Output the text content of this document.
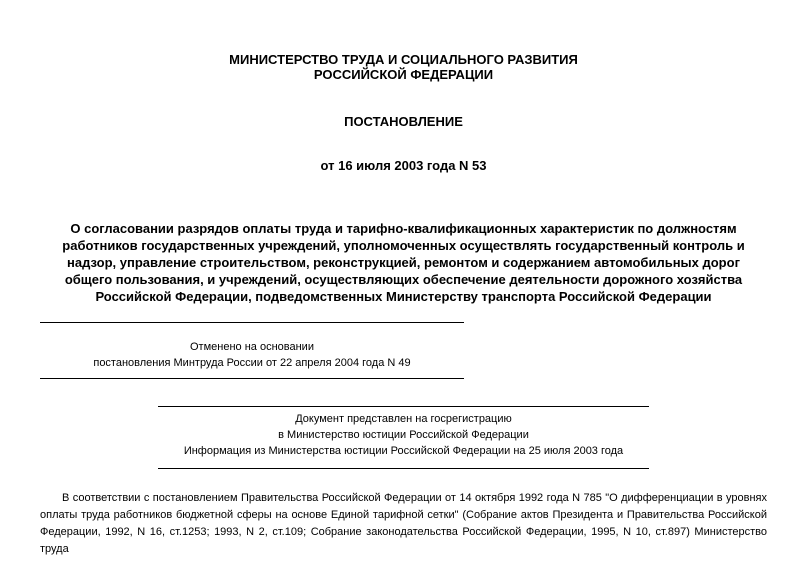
МИНИСТЕРСТВО ТРУДА И СОЦИАЛЬНОГО РАЗВИТИЯ
РОССИЙСКОЙ ФЕДЕРАЦИИ
ПОСТАНОВЛЕНИЕ
от 16 июля 2003 года N 53
О согласовании разрядов оплаты труда и тарифно-квалификационных характеристик по должностям работников государственных учреждений, уполномоченных осуществлять государственный контроль и надзор, управление строительством, реконструкцией, ремонтом и содержанием автомобильных дорог общего пользования, и учреждений, осуществляющих обеспечение деятельности дорожного хозяйства Российской Федерации, подведомственных Министерству транспорта Российской Федерации
Отменено на основании
постановления Минтруда России от 22 апреля 2004 года N 49
Документ представлен на госрегистрацию
в Министерство юстиции Российской Федерации
Информация из Министерства юстиции Российской Федерации на 25 июля 2003 года
В соответствии с постановлением Правительства Российской Федерации от 14 октября 1992 года N 785 "О дифференциации в уровнях оплаты труда работников бюджетной сферы на основе Единой тарифной сетки" (Собрание актов Президента и Правительства Российской Федерации, 1992, N 16, ст.1253; 1993, N 2, ст.109; Собрание законодательства Российской Федерации, 1995, N 10, ст.897) Министерство труда
